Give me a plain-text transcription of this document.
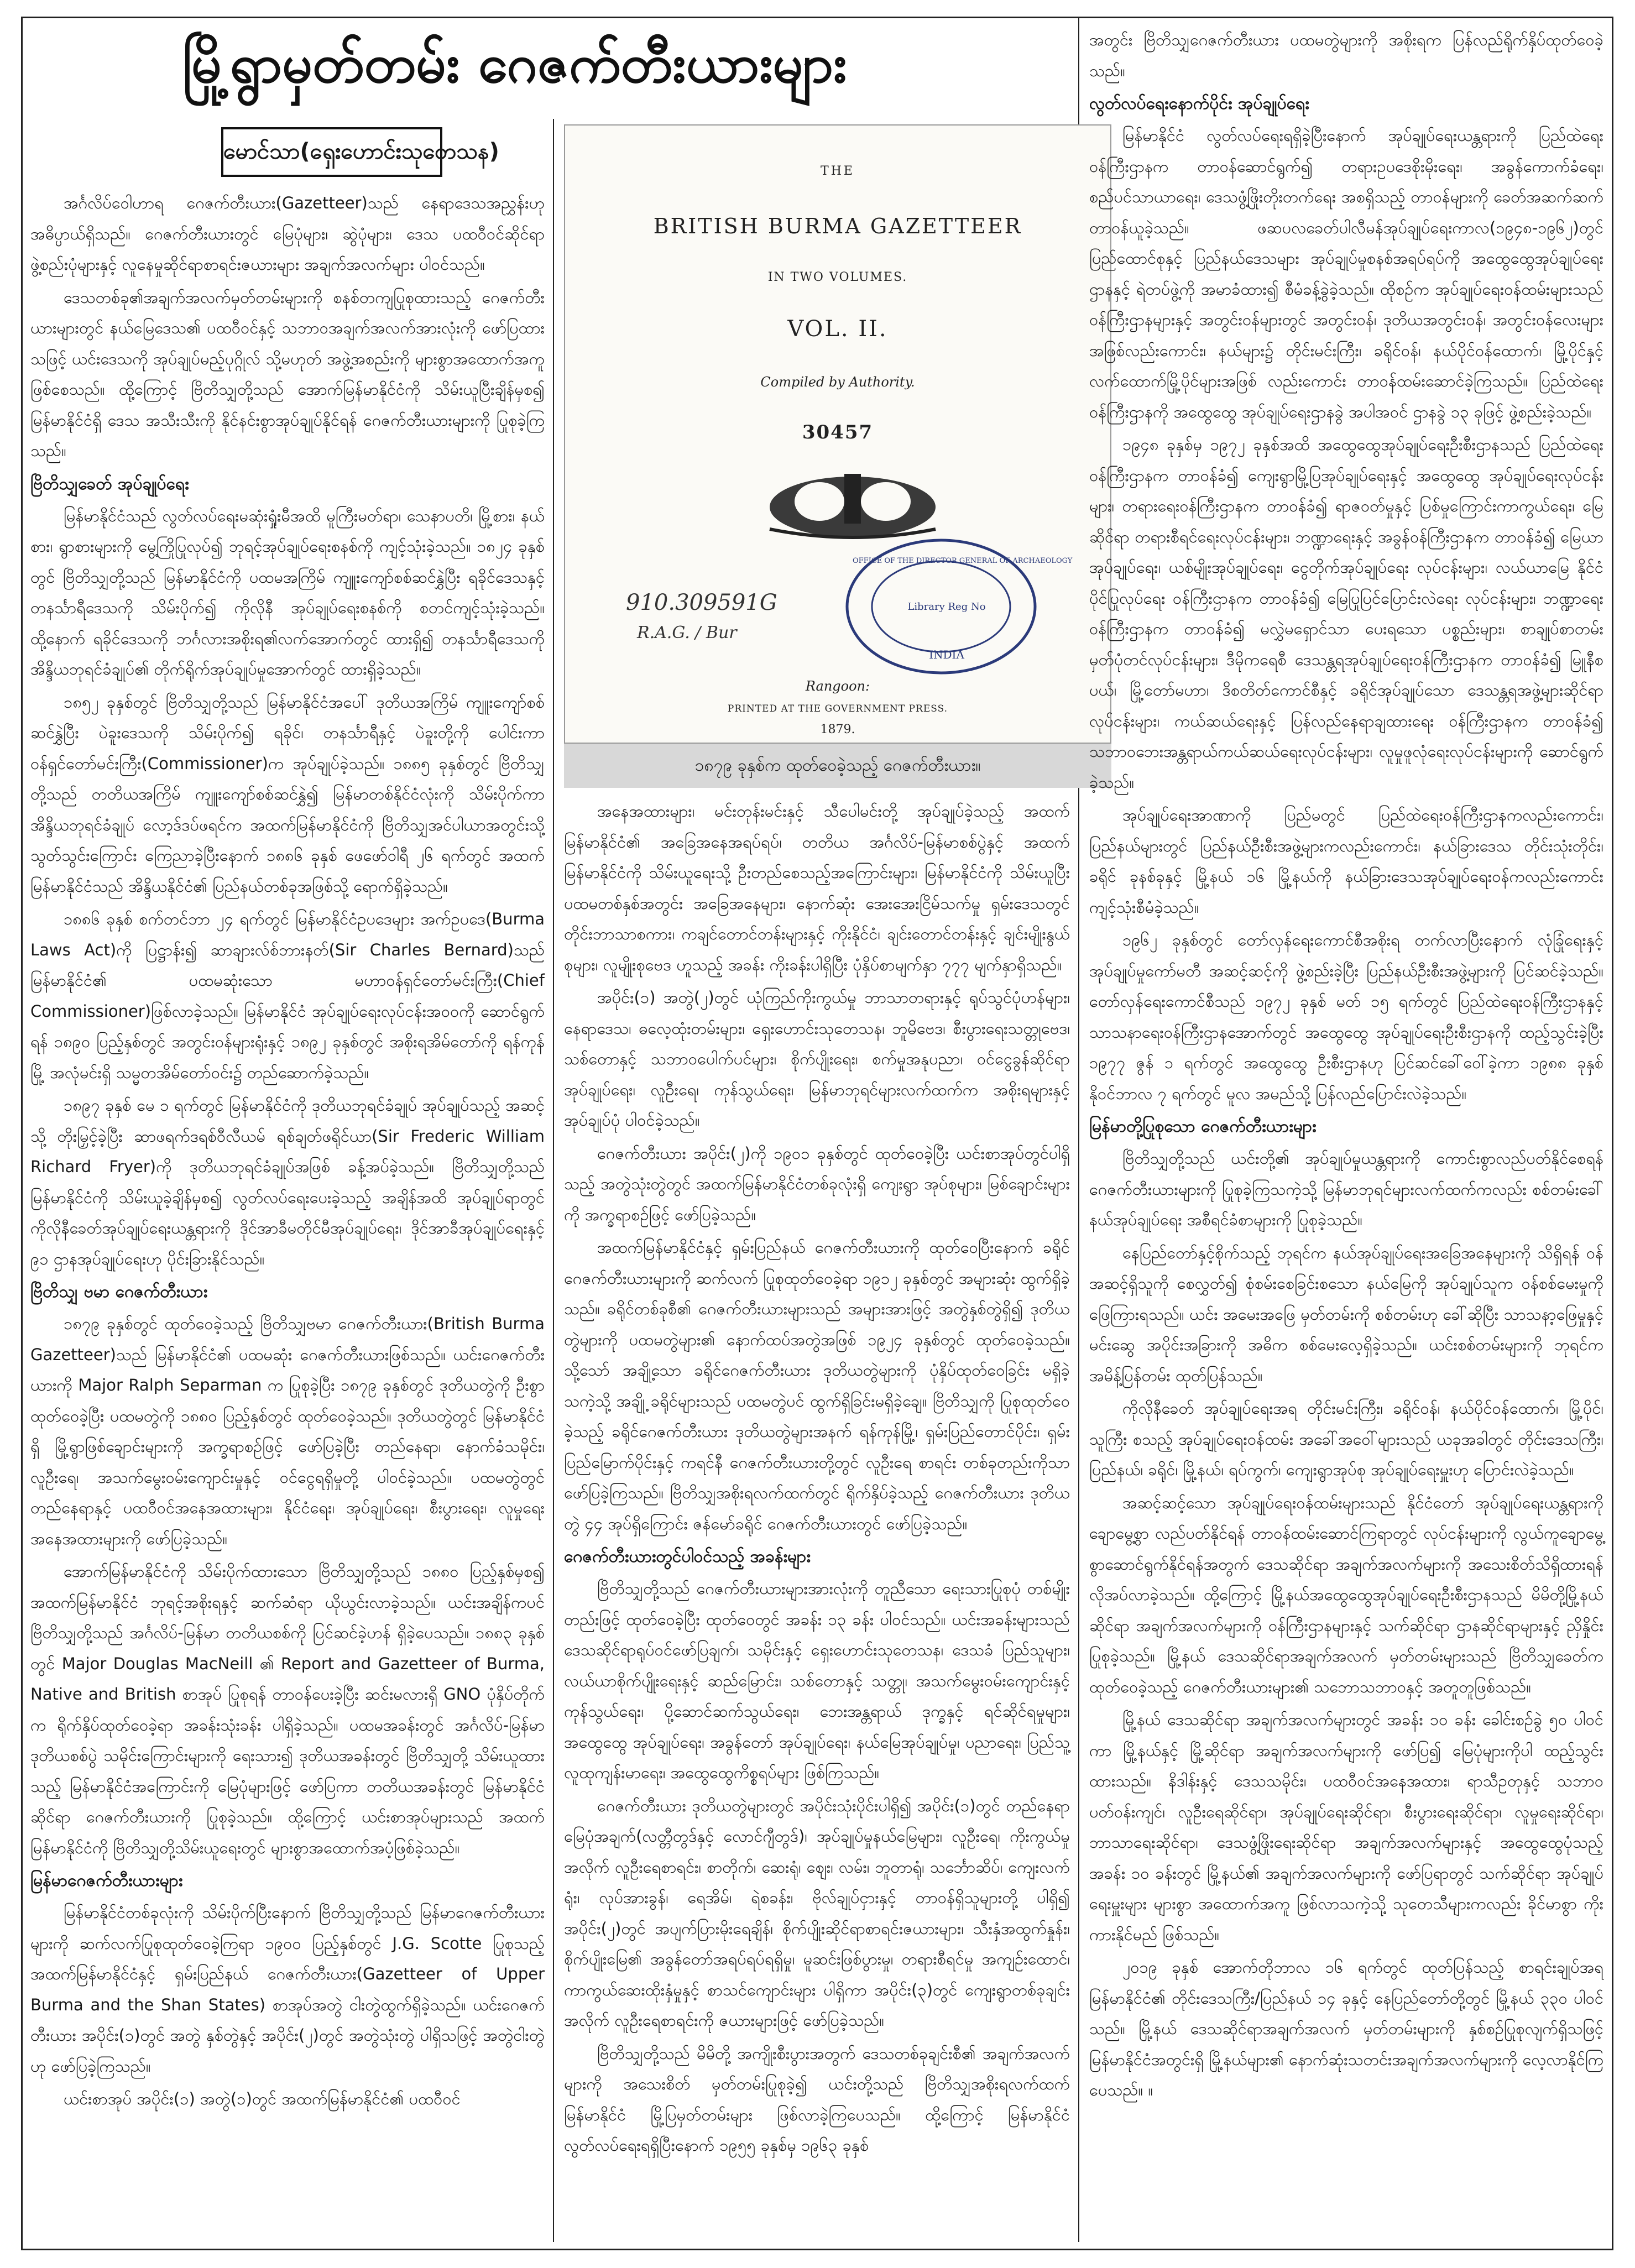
မြို့ရွာမှတ်တမ်း ဂေဇက်တီးယားများ
မောင်သာ(ရှေးဟောင်းသုတေသန)

အင်္ဂလိပ်ဝေါဟာရ ဂေဇက်တီးယား(Gazetteer)သည် နေရာဒေသအညွှန်းဟု အဓိပ္ပာယ်ရှိသည်။ ဂေဇက်တီးယားတွင် မြေပုံများ၊ ဆွဲပုံများ၊ ဒေသ ပထဝီဝင်ဆိုင်ရာ ဖွဲ့စည်းပုံများနှင့် လူနေမှုဆိုင်ရာစာရင်းဇယားများ အချက်အလက်များ ပါဝင်သည်။

ဒေသတစ်ခု၏အချက်အလက်မှတ်တမ်းများကို စနစ်တကျပြုစုထားသည့် ဂေဇက်တီးယားများတွင် နယ်မြေဒေသ၏ ပထဝီဝင်နှင့် သဘာဝအချက်အလက်အားလုံးကို ဖော်ပြထားသဖြင့် ယင်းဒေသကို အုပ်ချုပ်မည့်ပုဂ္ဂိုလ် သို့မဟုတ် အဖွဲ့အစည်းကို များစွာအထောက်အကူဖြစ်စေသည်။ ထို့ကြောင့် ဗြိတိသျှတို့သည် အောက်မြန်မာနိုင်ငံကို သိမ်းယူပြီးချိန်မှစ၍ မြန်မာနိုင်ငံရှိ ဒေသ အသီးသီးကို နိုင်နင်းစွာအုပ်ချုပ်နိုင်ရန် ဂေဇက်တီးယားများကို ပြုစုခဲ့ကြသည်။

ဗြိတိသျှခေတ် အုပ်ချုပ်ရေး

မြန်မာနိုင်ငံသည် လွတ်လပ်ရေးမဆုံးရှုံးမီအထိ မူကြီးမတ်ရာ၊ သေနာပတိ၊ မြို့စား၊ နယ်စား၊ ရွာစားများကို မွေ့ကြိုပြုလုပ်၍ ဘုရင့်အုပ်ချုပ်ရေးစနစ်ကို ကျင့်သုံးခဲ့သည်။ ၁၈၂၄ ခုနှစ်တွင် ဗြိတိသျှတို့သည် မြန်မာနိုင်ငံကို ပထမအကြိမ် ကျူးကျော်စစ်ဆင်နွှဲပြီး ရခိုင်ဒေသနှင့် တနင်္သာရီဒေသကို သိမ်းပိုက်၍ ကိုလိုနီ အုပ်ချုပ်ရေးစနစ်ကို စတင်ကျင့်သုံးခဲ့သည်။ ထို့နောက် ရခိုင်ဒေသကို ဘင်္ဂလားအစိုးရ၏လက်အောက်တွင် ထားရှိ၍ တနင်္သာရီဒေသကို အိန္ဒိယဘုရင်ခံချုပ်၏ တိုက်ရိုက်အုပ်ချုပ်မှုအောက်တွင် ထားရှိခဲ့သည်။

၁၈၅၂ ခုနှစ်တွင် ဗြိတိသျှတို့သည် မြန်မာနိုင်ငံအပေါ် ဒုတိယအကြိမ် ကျူးကျော်စစ်ဆင်နွှဲပြီး ပဲခူးဒေသကို သိမ်းပိုက်၍ ရခိုင်၊ တနင်္သာရီနှင့် ပဲခူးတို့ကို ပေါင်းကာ ဝန်ရှင်တော်မင်းကြီး(Commissioner)က အုပ်ချုပ်ခဲ့သည်။ ၁၈၈၅ ခုနှစ်တွင် ဗြိတိသျှတို့သည် တတိယအကြိမ် ကျူးကျော်စစ်ဆင်နွှဲ၍ မြန်မာတစ်နိုင်ငံလုံးကို သိမ်းပိုက်ကာ အိန္ဒိယဘုရင်ခံချုပ် လော့ဒ်ဒပ်ဖရင်က အထက်မြန်မာနိုင်ငံကို ဗြိတိသျှအင်ပါယာအတွင်းသို့ သွတ်သွင်းကြောင်း ကြေညာခဲ့ပြီးနောက် ၁၈၈၆ ခုနှစ် ဖေဖော်ဝါရီ ၂၆ ရက်တွင် အထက်မြန်မာနိုင်ငံသည် အိန္ဒိယနိုင်ငံ၏ ပြည်နယ်တစ်ခုအဖြစ်သို့ ရောက်ရှိခဲ့သည်။

၁၈၈၆ ခုနှစ် စက်တင်ဘာ ၂၄ ရက်တွင် မြန်မာနိုင်ငံဥပဒေများ အက်ဥပဒေ(Burma Laws Act)ကို ပြဋ္ဌာန်း၍ ဆာချားလ်စ်ဘားနတ်(Sir Charles Bernard)သည် မြန်မာနိုင်ငံ၏ ပထမဆုံးသော မဟာဝန်ရှင်တော်မင်းကြီး(Chief Commissioner)ဖြစ်လာခဲ့သည်။ မြန်မာနိုင်ငံ အုပ်ချုပ်ရေးလုပ်ငန်းအဝဝကို ဆောင်ရွက်ရန် ၁၈၉၀ ပြည့်နှစ်တွင် အတွင်းဝန်များရုံးနှင့် ၁၈၉၂ ခုနှစ်တွင် အစိုးရအိမ်တော်ကို ရန်ကုန်မြို့ အလုံမင်းရှိ သမ္မတအိမ်တော်ဝင်း၌ တည်ဆောက်ခဲ့သည်။

၁၈၉၇ ခုနှစ် မေ ၁ ရက်တွင် မြန်မာနိုင်ငံကို ဒုတိယဘုရင်ခံချုပ် အုပ်ချုပ်သည့် အဆင့်သို့ တိုးမြှင့်ခဲ့ပြီး ဆာဖရက်ဒရစ်ဝီလီယမ် ရစ်ချတ်ဖရိုင်ယာ(Sir Frederic William Richard Fryer)ကို ဒုတိယဘုရင်ခံချုပ်အဖြစ် ခန့်အပ်ခဲ့သည်။ ဗြိတိသျှတို့သည် မြန်မာနိုင်ငံကို သိမ်းယူခဲ့ချိန်မှစ၍ လွတ်လပ်ရေးပေးခဲ့သည့် အချိန်အထိ အုပ်ချုပ်ရာတွင် ကိုလိုနီခေတ်အုပ်ချုပ်ရေးယန္တရားကို ဒိုင်အာခီမတိုင်မီအုပ်ချုပ်ရေး၊ ဒိုင်အာခီအုပ်ချုပ်ရေးနှင့် ၉၁ ဌာနအုပ်ချုပ်ရေးဟု ပိုင်းခြားနိုင်သည်။

ဗြိတိသျှ ဗမာ ဂေဇက်တီးယား

၁၈၇၉ ခုနှစ်တွင် ထုတ်ဝေခဲ့သည့် ဗြိတိသျှဗမာ ဂေဇက်တီးယား(British Burma Gazetteer)သည် မြန်မာနိုင်ငံ၏ ပထမဆုံး ဂေဇက်တီးယားဖြစ်သည်။ ယင်းဂေဇက်တီးယားကို Major Ralph Separman က ပြုစုခဲ့ပြီး ၁၈၇၉ ခုနှစ်တွင် ဒုတိယတွဲကို ဦးစွာထုတ်ဝေခဲ့ပြီး ပထမတွဲကို ၁၈၈၀ ပြည့်နှစ်တွင် ထုတ်ဝေခဲ့သည်။ ဒုတိယတွဲတွင် မြန်မာနိုင်ငံရှိ မြို့ရွာဖြစ်ချောင်းများကို အက္ခရာစဉ်ဖြင့် ဖော်ပြခဲ့ပြီး တည်နေရာ၊ နောက်ခံသမိုင်း၊ လူဦးရေ၊ အသက်မွေးဝမ်းကျောင်းမှုနှင့် ဝင်ငွေရရှိမှုတို့ ပါဝင်ခဲ့သည်။ ပထမတွဲတွင် တည်နေရာနှင့် ပထဝီဝင်အနေအထားများ၊ နိုင်ငံရေး၊ အုပ်ချုပ်ရေး၊ စီးပွားရေး၊ လူမှုရေးအနေအထားများကို ဖော်ပြခဲ့သည်။

အောက်မြန်မာနိုင်ငံကို သိမ်းပိုက်ထားသော ဗြိတိသျှတို့သည် ၁၈၈၀ ပြည့်နှစ်မှစ၍ အထက်မြန်မာနိုင်ငံ ဘုရင့်အစိုးရနှင့် ဆက်ဆံရာ ယိုယွင်းလာခဲ့သည်။ ယင်းအချိန်ကပင် ဗြိတိသျှတို့သည် အင်္ဂလိပ်-မြန်မာ တတိယစစ်ကို ပြင်ဆင်ခဲ့ဟန် ရှိခဲ့ပေသည်။ ၁၈၈၃ ခုနှစ်တွင် Major Douglas MacNeill ၏ Report and Gazetteer of Burma, Native and British စာအုပ် ပြုစုရန် တာဝန်ပေးခဲ့ပြီး ဆင်းမလားရှိ GNO ပုံနှိပ်တိုက်က ရိုက်နှိပ်ထုတ်ဝေခဲ့ရာ အခန်းသုံးခန်း ပါရှိခဲ့သည်။ ပထမအခန်းတွင် အင်္ဂလိပ်-မြန်မာ ဒုတိယစစ်ပွဲ သမိုင်းကြောင်းများကို ရေးသား၍ ဒုတိယအခန်းတွင် ဗြိတိသျှတို့ သိမ်းယူထားသည့် မြန်မာနိုင်ငံအကြောင်းကို မြေပုံများဖြင့် ဖော်ပြကာ တတိယအခန်းတွင် မြန်မာနိုင်ငံဆိုင်ရာ ဂေဇက်တီးယားကို ပြုစုခဲ့သည်။ ထို့ကြောင့် ယင်းစာအုပ်များသည် အထက်မြန်မာနိုင်ငံကို ဗြိတိသျှတို့သိမ်းယူရေးတွင် များစွာအထောက်အပံ့ဖြစ်ခဲ့သည်။

မြန်မာဂေဇက်တီးယားများ

မြန်မာနိုင်ငံတစ်ခုလုံးကို သိမ်းပိုက်ပြီးနောက် ဗြိတိသျှတို့သည် မြန်မာဂေဇက်တီးယားများကို ဆက်လက်ပြုစုထုတ်ဝေခဲ့ကြရာ ၁၉၀၀ ပြည့်နှစ်တွင် J.G. Scotte ပြုစုသည့် အထက်မြန်မာနိုင်ငံနှင့် ရှမ်းပြည်နယ် ဂေဇက်တီးယား(Gazetteer of Upper Burma and the Shan States) စာအုပ်အတွဲ ငါးတွဲထွက်ရှိခဲ့သည်။ ယင်းဂေဇက်တီးယား အပိုင်း(၁)တွင် အတွဲ နှစ်တွဲနှင့် အပိုင်း(၂)တွင် အတွဲသုံးတွဲ ပါရှိသဖြင့် အတွဲငါးတွဲဟု ဖော်ပြခဲ့ကြသည်။

ယင်းစာအုပ် အပိုင်း(၁) အတွဲ(၁)တွင် အထက်မြန်မာနိုင်ငံ၏ ပထဝီဝင်

THE
BRITISH BURMA GAZETTEER
IN TWO VOLUMES.
VOL. II.
Compiled by Authority.
30457
Library Reg No
INDIA
OFFICE OF THE DIRECTOR GENERAL OF ARCHAEOLOGY
910.309591G
R.A.G. / Bur
Rangoon:
PRINTED AT THE GOVERNMENT PRESS.
1879.
၁၈၇၉ ခုနှစ်က ထုတ်ဝေခဲ့သည့် ဂေဇက်တီးယား။

အနေအထားများ၊ မင်းတုန်းမင်းနှင့် သီပေါမင်းတို့ အုပ်ချုပ်ခဲ့သည့် အထက်မြန်မာနိုင်ငံ၏ အခြေအနေအရပ်ရပ်၊ တတိယ အင်္ဂလိပ်-မြန်မာစစ်ပွဲနှင့် အထက်မြန်မာနိုင်ငံကို သိမ်းယူရေးသို့ ဦးတည်စေသည့်အကြောင်းများ၊ မြန်မာနိုင်ငံကို သိမ်းယူပြီး ပထမတစ်နှစ်အတွင်း အခြေအနေများ၊ နောက်ဆုံး အေးအေးငြိမ်သက်မှု ရှမ်းဒေသတွင် တိုင်းဘာသာစကား၊ ကချင်တောင်တန်းများနှင့် ကိုးနိုင်ငံ၊ ချင်းတောင်တန်းနှင့် ချင်းမျိုးနွယ်စုများ၊ လူမျိုးစုဗေဒ ဟူသည့် အခန်း ကိုးခန်းပါရှိပြီး ပုံနှိပ်စာမျက်နှာ ၇၇၇ မျက်နှာရှိသည်။

အပိုင်း(၁) အတွဲ(၂)တွင် ယုံကြည်ကိုးကွယ်မှု ဘာသာတရားနှင့် ရုပ်သွင်ပုံဟန်များ၊ နေရာဒေသ၊ ဓလေ့ထုံးတမ်းများ၊ ရှေးဟောင်းသုတေသန၊ ဘူမိဗေဒ၊ စီးပွားရေးသတ္တုဗေဒ၊ သစ်တောနှင့် သဘာဝပေါက်ပင်များ၊ စိုက်ပျိုးရေး၊ စက်မှုအနုပညာ၊ ဝင်ငွေခွန်ဆိုင်ရာ အုပ်ချုပ်ရေး၊ လူဦးရေ၊ ကုန်သွယ်ရေး၊ မြန်မာဘုရင်များလက်ထက်က အစိုးရများနှင့် အုပ်ချုပ်ပုံ ပါဝင်ခဲ့သည်။

ဂေဇက်တီးယား အပိုင်း(၂)ကို ၁၉၀၁ ခုနှစ်တွင် ထုတ်ဝေခဲ့ပြီး ယင်းစာအုပ်တွင်ပါရှိသည့် အတွဲသုံးတွဲတွင် အထက်မြန်မာနိုင်ငံတစ်ခုလုံးရှိ ကျေးရွာ အုပ်စုများ၊ မြစ်ချောင်းများကို အက္ခရာစဉ်ဖြင့် ဖော်ပြခဲ့သည်။

အထက်မြန်မာနိုင်ငံနှင့် ရှမ်းပြည်နယ် ဂေဇက်တီးယားကို ထုတ်ဝေပြီးနောက် ခရိုင်ဂေဇက်တီးယားများကို ဆက်လက် ပြုစုထုတ်ဝေခဲ့ရာ ၁၉၁၂ ခုနှစ်တွင် အများဆုံး ထွက်ရှိခဲ့သည်။ ခရိုင်တစ်ခုစီ၏ ဂေဇက်တီးယားများသည် အများအားဖြင့် အတွဲနှစ်တွဲရှိ၍ ဒုတိယတွဲများကို ပထမတွဲများ၏ နောက်ထပ်အတွဲအဖြစ် ၁၉၂၄ ခုနှစ်တွင် ထုတ်ဝေခဲ့သည်။ သို့သော် အချို့သော ခရိုင်ဂေဇက်တီးယား ဒုတိယတွဲများကို ပုံနှိပ်ထုတ်ဝေခြင်း မရှိခဲ့သကဲ့သို့ အချို့ ခရိုင်များသည် ပထမတွဲပင် ထွက်ရှိခြင်းမရှိခဲ့ချေ။ ဗြိတိသျှကို ပြုစုထုတ်ဝေခဲ့သည့် ခရိုင်ဂေဇက်တီးယား ဒုတိယတွဲများအနက် ရန်ကုန်မြို့၊ ရှမ်းပြည်တောင်ပိုင်း၊ ရှမ်းပြည်မြောက်ပိုင်းနှင့် ကရင်နီ ဂေဇက်တီးယားတို့တွင် လူဦးရေ စာရင်း တစ်ခုတည်းကိုသာ ဖော်ပြခဲ့ကြသည်။ ဗြိတိသျှအစိုးရလက်ထက်တွင် ရိုက်နှိပ်ခဲ့သည့် ဂေဇက်တီးယား ဒုတိယတွဲ ၄၄ အုပ်ရှိကြောင်း ဇန်မော်ခရိုင် ဂေဇက်တီးယားတွင် ဖော်ပြခဲ့သည်။

ဂေဇက်တီးယားတွင်ပါဝင်သည့် အခန်းများ

ဗြိတိသျှတို့သည် ဂေဇက်တီးယားများအားလုံးကို တူညီသော ရေးသားပြုစုပုံ တစ်မျိုးတည်းဖြင့် ထုတ်ဝေခဲ့ပြီး ထုတ်ဝေတွင် အခန်း ၁၃ ခန်း ပါဝင်သည်။ ယင်းအခန်းများသည် ဒေသဆိုင်ရာရုပ်ဝင်ဖော်ပြချက်၊ သမိုင်းနှင့် ရှေးဟောင်းသုတေသန၊ ဒေသခံ ပြည်သူများ၊ လယ်ယာစိုက်ပျိုးရေးနှင့် ဆည်မြောင်း၊ သစ်တောနှင့် သတ္တု၊ အသက်မွေးဝမ်းကျောင်းနှင့် ကုန်သွယ်ရေး၊ ပို့ဆောင်ဆက်သွယ်ရေး၊ ဘေးအန္တရာယ် ဒုက္ခနှင့် ရင်ဆိုင်ရမှုများ၊ အထွေထွေ အုပ်ချုပ်ရေး၊ အခွန်တော် အုပ်ချုပ်ရေး၊ နယ်မြေအုပ်ချုပ်မှု၊ ပညာရေး၊ ပြည်သူ့လူထုကျန်းမာရေး၊ အထွေထွေကိစ္စရပ်များ ဖြစ်ကြသည်။

ဂေဇက်တီးယား ဒုတိယတွဲများတွင် အပိုင်းသုံးပိုင်းပါရှိ၍ အပိုင်း(၁)တွင် တည်နေရာမြေပုံအချက်(လတ္တီတွဒ်နှင့် လောင်ဂျီတွဒ်)၊ အုပ်ချုပ်မှုနယ်မြေများ၊ လူဦးရေ၊ ကိုးကွယ်မှုအလိုက် လူဦးရေစာရင်း၊ စာတိုက်၊ ဆေးရုံ၊ ဈေး၊ လမ်း၊ ဘူတာရုံ၊ သင်္ဘောဆိပ်၊ ကျေးလက်ရုံး၊ လုပ်အားခွန်၊ ရေအိမ်၊ ရဲစခန်း၊ ဗိုလ်ချုပ်ငှားနှင့် တာဝန်ရှိသူများတို့ ပါရှိ၍ အပိုင်း(၂)တွင် အပျက်ပြားမိုးရေချိန်၊ စိုက်ပျိုးဆိုင်ရာစာရင်းဇယားများ၊ သီးနှံအထွက်နှုန်း၊ စိုက်ပျိုးမြေ၏ အခွန်တော်အရပ်ရပ်ရရှိမှု၊ မူဆင်းဖြစ်ပွားမှု၊ တရားစီရင်မှု အကျဉ်းထောင်၊ ကာကွယ်ဆေးထိုးနှံမှုနှင့် စာသင်ကျောင်းများ ပါရှိကာ အပိုင်း(၃)တွင် ကျေးရွာတစ်ခုချင်းအလိုက် လူဦးရေစာရင်းကို ဇယားများဖြင့် ဖော်ပြခဲ့သည်။

ဗြိတိသျှတို့သည် မိမိတို့ အကျိုးစီးပွားအတွက် ဒေသတစ်ခုချင်းစီ၏ အချက်အလက်များကို အသေးစိတ် မှတ်တမ်းပြုစုခဲ့၍ ယင်းတို့သည် ဗြိတိသျှအစိုးရလက်ထက် မြန်မာနိုင်ငံ မြို့ပြမှတ်တမ်းများ ဖြစ်လာခဲ့ကြပေသည်။ ထို့ကြောင့် မြန်မာနိုင်ငံ လွတ်လပ်ရေးရရှိပြီးနောက် ၁၉၅၅ ခုနှစ်မှ ၁၉၆၃ ခုနှစ်

အတွင်း ဗြိတိသျှဂေဇက်တီးယား ပထမတွဲများကို အစိုးရက ပြန်လည်ရိုက်နှိပ်ထုတ်ဝေခဲ့သည်။

လွတ်လပ်ရေးနောက်ပိုင်း အုပ်ချုပ်ရေး

မြန်မာနိုင်ငံ လွတ်လပ်ရေးရရှိခဲ့ပြီးနောက် အုပ်ချုပ်ရေးယန္တရားကို ပြည်ထဲရေးဝန်ကြီးဌာနက တာဝန်ဆောင်ရွက်၍ တရားဥပဒေစိုးမိုးရေး၊ အခွန်ကောက်ခံရေး၊ စည်ပင်သာယာရေး၊ ဒေသဖွံ့ဖြိုးတိုးတက်ရေး အစရှိသည့် တာဝန်များကို ခေတ်အဆက်ဆက် တာဝန်ယူခဲ့သည်။ ဖဆပလခေတ်ပါလီမန်အုပ်ချုပ်ရေးကာလ(၁၉၄၈-၁၉၆၂)တွင် ပြည်ထောင်စုနှင့် ပြည်နယ်ဒေသများ အုပ်ချုပ်မှုစနစ်အရပ်ရပ်ကို အထွေထွေအုပ်ချုပ်ရေးဌာနနှင့် ရဲတပ်ဖွဲ့ကို အမာခံထား၍ စီမံခန့်ခွဲခဲ့သည်။ ထိုစဉ်က အုပ်ချုပ်ရေးဝန်ထမ်းများသည် ဝန်ကြီးဌာနများနှင့် အတွင်းဝန်များတွင် အတွင်းဝန်၊ ဒုတိယအတွင်းဝန်၊ အတွင်းဝန်လေးများအဖြစ်လည်းကောင်း၊ နယ်များ၌ တိုင်းမင်းကြီး၊ ခရိုင်ဝန်၊ နယ်ပိုင်ဝန်ထောက်၊ မြို့ပိုင်နှင့် လက်ထောက်မြို့ပိုင်များအဖြစ် လည်းကောင်း တာဝန်ထမ်းဆောင်ခဲ့ကြသည်။ ပြည်ထဲရေးဝန်ကြီးဌာနကို အထွေထွေ အုပ်ချုပ်ရေးဌာနခွဲ အပါအဝင် ဌာနခွဲ ၁၃ ခုဖြင့် ဖွဲ့စည်းခဲ့သည်။

၁၉၄၈ ခုနှစ်မှ ၁၉၇၂ ခုနှစ်အထိ အထွေထွေအုပ်ချုပ်ရေးဦးစီးဌာနသည် ပြည်ထဲရေးဝန်ကြီးဌာနက တာဝန်ခံ၍ ကျေးရွာမြို့ပြအုပ်ချုပ်ရေးနှင့် အထွေထွေ အုပ်ချုပ်ရေးလုပ်ငန်းများ၊ တရားရေးဝန်ကြီးဌာနက တာဝန်ခံ၍ ရာဇဝတ်မှုနှင့် ပြစ်မှုကြောင်းကာကွယ်ရေး၊ မြေဆိုင်ရာ တရားစီရင်ရေးလုပ်ငန်းများ၊ ဘဏ္ဍာရေးနှင့် အခွန်ဝန်ကြီးဌာနက တာဝန်ခံ၍ မြေယာအုပ်ချုပ်ရေး၊ ယစ်မျိုးအုပ်ချုပ်ရေး၊ ငွေတိုက်အုပ်ချုပ်ရေး လုပ်ငန်းများ၊ လယ်ယာမြေ နိုင်ငံပိုင်ပြုလုပ်ရေး ဝန်ကြီးဌာနက တာဝန်ခံ၍ မြေပြုပြင်ပြောင်းလဲရေး လုပ်ငန်းများ၊ ဘဏ္ဍာရေး ဝန်ကြီးဌာနက တာဝန်ခံ၍ မလွှဲမရှောင်သာ ပေးရသော ပစ္စည်းများ၊ စာချုပ်စာတမ်း မှတ်ပုံတင်လုပ်ငန်းများ၊ ဒီမိုကရေစီ ဒေသန္တရအုပ်ချုပ်ရေးဝန်ကြီးဌာနက တာဝန်ခံ၍ မြူနီစပယ်၊ မြို့တော်မဟာ၊ ဒိစတိတ်ကောင်စီနှင့် ခရိုင်အုပ်ချုပ်သော ဒေသန္တရအဖွဲ့များဆိုင်ရာ လုပ်ငန်းများ၊ ကယ်ဆယ်ရေးနှင့် ပြန်လည်နေရာချထားရေး ဝန်ကြီးဌာနက တာဝန်ခံ၍ သဘာဝဘေးအန္တရာယ်ကယ်ဆယ်ရေးလုပ်ငန်းများ၊ လူမှုဖူလုံရေးလုပ်ငန်းများကို ဆောင်ရွက်ခဲ့သည်။

အုပ်ချုပ်ရေးအာဏာကို ပြည်မတွင် ပြည်ထဲရေးဝန်ကြီးဌာနကလည်းကောင်း၊ ပြည်နယ်များတွင် ပြည်နယ်ဦးစီးအဖွဲ့များကလည်းကောင်း၊ နယ်ခြားဒေသ တိုင်းသုံးတိုင်း၊ ခရိုင် ခုနစ်ခုနှင့် မြို့နယ် ၁၆ မြို့နယ်ကို နယ်ခြားဒေသအုပ်ချုပ်ရေးဝန်ကလည်းကောင်း ကျင့်သုံးစီမံခဲ့သည်။

၁၉၆၂ ခုနှစ်တွင် တော်လှန်ရေးကောင်စီအစိုးရ တက်လာပြီးနောက် လုံခြုံရေးနှင့်အုပ်ချုပ်မှုကော်မတီ အဆင့်ဆင့်ကို ဖွဲ့စည်းခဲ့ပြီး ပြည်နယ်ဦးစီးအဖွဲ့များကို ပြင်ဆင်ခဲ့သည်။ တော်လှန်ရေးကောင်စီသည် ၁၉၇၂ ခုနှစ် မတ် ၁၅ ရက်တွင် ပြည်ထဲရေးဝန်ကြီးဌာနနှင့် သာသနာရေးဝန်ကြီးဌာနအောက်တွင် အထွေထွေ အုပ်ချုပ်ရေးဦးစီးဌာနကို ထည့်သွင်းခဲ့ပြီး ၁၉၇၇ ဇွန် ၁ ရက်တွင် အထွေထွေ ဦးစီးဌာနဟု ပြင်ဆင်ခေါ်ဝေါ်ခဲ့ကာ ၁၉၈၈ ခုနှစ် နိုဝင်ဘာလ ၇ ရက်တွင် မူလ အမည်သို့ ပြန်လည်ပြောင်းလဲခဲ့သည်။

မြန်မာတို့ပြုစုသော ဂေဇက်တီးယားများ

ဗြိတိသျှတို့သည် ယင်းတို့၏ အုပ်ချုပ်မှုယန္တရားကို ကောင်းစွာလည်ပတ်နိုင်စေရန် ဂေဇက်တီးယားများကို ပြုစုခဲ့ကြသကဲ့သို့ မြန်မာဘုရင်များလက်ထက်ကလည်း စစ်တမ်းခေါ် နယ်အုပ်ချုပ်ရေး အစီရင်ခံစာများကို ပြုစုခဲ့သည်။

နေပြည်တော်နှင့်စိုက်သည့် ဘုရင်က နယ်အုပ်ချုပ်ရေးအခြေအနေများကို သိရှိရန် ဝန်အဆင့်ရှိသူကို စေလွှတ်၍ စုံစမ်းစေခြင်းစသော နယ်မြေကို အုပ်ချုပ်သူက ဝန်စစ်မေးမှုကို ဖြေကြားရသည်။ ယင်း အမေးအဖြေ မှတ်တမ်းကို စစ်တမ်းဟု ခေါ်ဆိုပြီး သာသနာ့ဖြေမှုနှင့် မင်းဆွေ အပိုင်းအခြားကို အဓိက စစ်မေးလေ့ရှိခဲ့သည်။ ယင်းစစ်တမ်းများကို ဘုရင်က အမိန့်ပြန်တမ်း ထုတ်ပြန်သည်။

ကိုလိုနီခေတ် အုပ်ချုပ်ရေးအရ တိုင်းမင်းကြီး၊ ခရိုင်ဝန်၊ နယ်ပိုင်ဝန်ထောက်၊ မြို့ပိုင်၊ သူကြီး စသည့် အုပ်ချုပ်ရေးဝန်ထမ်း အခေါ်အဝေါ်များသည် ယခုအခါတွင် တိုင်းဒေသကြီး၊ ပြည်နယ်၊ ခရိုင်၊ မြို့နယ်၊ ရပ်ကွက်၊ ကျေးရွာအုပ်စု အုပ်ချုပ်ရေးမှူးဟု ပြောင်းလဲခဲ့သည်။

အဆင့်ဆင့်သော အုပ်ချုပ်ရေးဝန်ထမ်းများသည် နိုင်ငံတော် အုပ်ချုပ်ရေးယန္တရားကို ချောမွေ့စွာ လည်ပတ်နိုင်ရန် တာဝန်ထမ်းဆောင်ကြရာတွင် လုပ်ငန်းများကို လွယ်ကူချောမွေ့စွာဆောင်ရွက်နိုင်ရန်အတွက် ဒေသဆိုင်ရာ အချက်အလက်များကို အသေးစိတ်သိရှိထားရန် လိုအပ်လာခဲ့သည်။ ထို့ကြောင့် မြို့နယ်အထွေထွေအုပ်ချုပ်ရေးဦးစီးဌာနသည် မိမိတို့မြို့နယ်ဆိုင်ရာ အချက်အလက်များကို ဝန်ကြီးဌာနများနှင့် သက်ဆိုင်ရာ ဌာနဆိုင်ရာများနှင့် ညှိနှိုင်းပြုစုခဲ့သည်။ မြို့နယ် ဒေသဆိုင်ရာအချက်အလက် မှတ်တမ်းများသည် ဗြိတိသျှခေတ်က ထုတ်ဝေခဲ့သည့် ဂေဇက်တီးယားများ၏ သဘောသဘာဝနှင့် အတူတူဖြစ်သည်။

မြို့နယ် ဒေသဆိုင်ရာ အချက်အလက်များတွင် အခန်း ၁၀ ခန်း ခေါင်းစဉ်ခွဲ ၅၀ ပါဝင်ကာ မြို့နယ်နှင့် မြို့ဆိုင်ရာ အချက်အလက်များကို ဖော်ပြ၍ မြေပုံများကိုပါ ထည့်သွင်းထားသည်။ နိဒါန်းနှင့် ဒေသသမိုင်း၊ ပထဝီဝင်အနေအထား၊ ရာသီဥတုနှင့် သဘာဝပတ်ဝန်းကျင်၊ လူဦးရေဆိုင်ရာ၊ အုပ်ချုပ်ရေးဆိုင်ရာ၊ စီးပွားရေးဆိုင်ရာ၊ လူမှုရေးဆိုင်ရာ၊ ဘာသာရေးဆိုင်ရာ၊ ဒေသဖွံ့ဖြိုးရေးဆိုင်ရာ အချက်အလက်များနှင့် အထွေထွေပုံသည့် အခန်း ၁၀ ခန်းတွင် မြို့နယ်၏ အချက်အလက်များကို ဖော်ပြရာတွင် သက်ဆိုင်ရာ အုပ်ချုပ်ရေးမှူးများ များစွာ အထောက်အကူ ဖြစ်လာသကဲ့သို့ သုတေသီများကလည်း ခိုင်မာစွာ ကိုးကားနိုင်မည် ဖြစ်သည်။

၂၀၁၉ ခုနှစ် အောက်တိုဘာလ ၁၆ ရက်တွင် ထုတ်ပြန်သည့် စာရင်းချုပ်အရ မြန်မာနိုင်ငံ၏ တိုင်းဒေသကြီး/ပြည်နယ် ၁၄ ခုနှင့် နေပြည်တော်တို့တွင် မြို့နယ် ၃၃၀ ပါဝင်သည်။ မြို့နယ် ဒေသဆိုင်ရာအချက်အလက် မှတ်တမ်းများကို နှစ်စဉ်ပြုစုလျက်ရှိသဖြင့် မြန်မာနိုင်ငံအတွင်းရှိ မြို့နယ်များ၏ နောက်ဆုံးသတင်းအချက်အလက်များကို လေ့လာနိုင်ကြပေသည်။ ။
